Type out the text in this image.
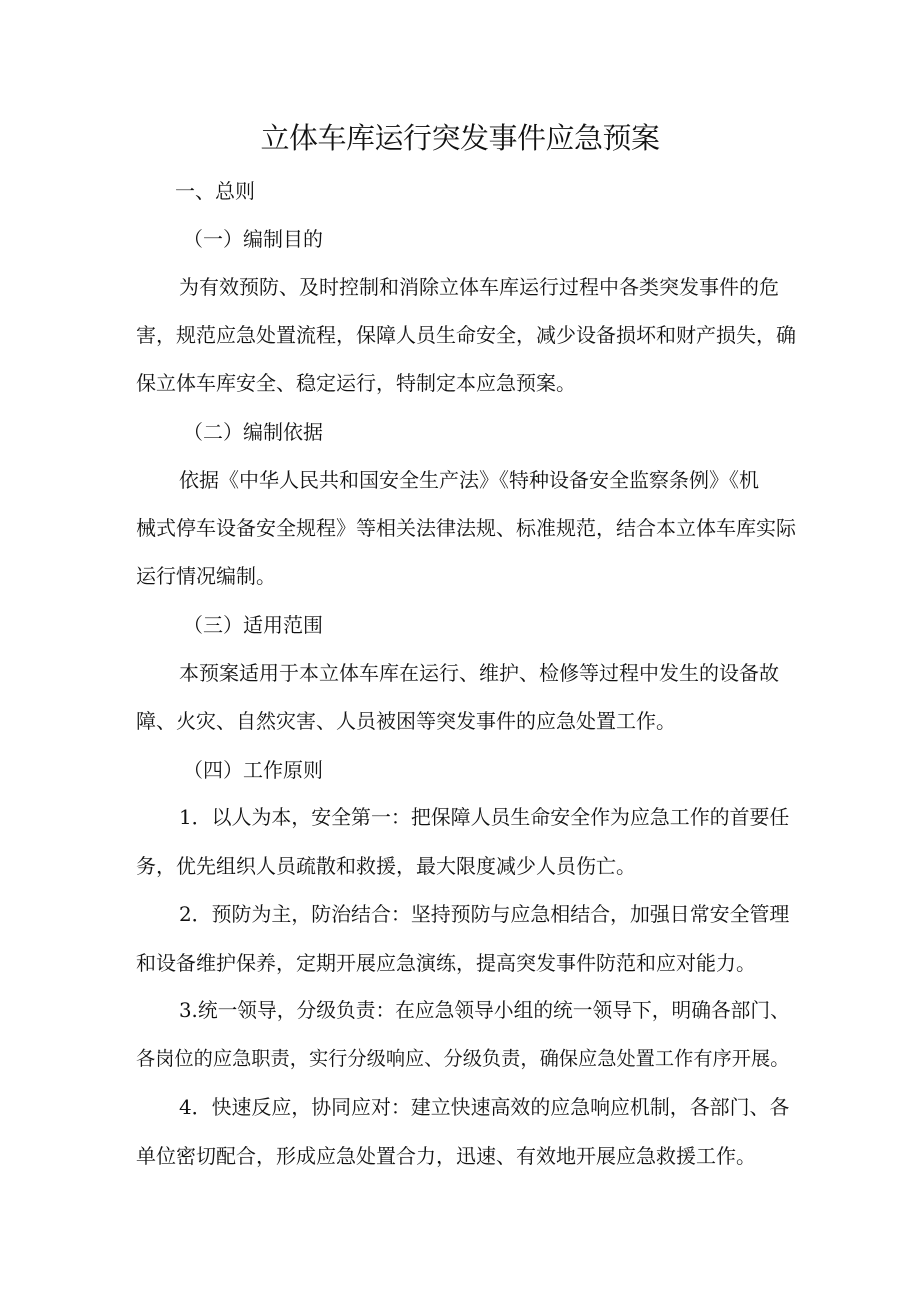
立体车库运行突发事件应急预案

一、总则

（一）编制目的

为有效预防、及时控制和消除立体车库运行过程中各类突发事件的危

害，规范应急处置流程，保障人员生命安全，减少设备损坏和财产损失，确

保立体车库安全、稳定运行，特制定本应急预案。

（二）编制依据

依据《中华人民共和国安全生产法》《特种设备安全监察条例》《机

械式停车设备安全规程》等相关法律法规、标准规范，结合本立体车库实际

运行情况编制。

（三）适用范围

本预案适用于本立体车库在运行、维护、检修等过程中发生的设备故

障、火灾、自然灾害、人员被困等突发事件的应急处置工作。

（四）工作原则

1．以人为本，安全第一：把保障人员生命安全作为应急工作的首要任

务，优先组织人员疏散和救援，最大限度减少人员伤亡。

2．预防为主，防治结合：坚持预防与应急相结合，加强日常安全管理

和设备维护保养，定期开展应急演练，提高突发事件防范和应对能力。

3.统一领导，分级负责：在应急领导小组的统一领导下，明确各部门、

各岗位的应急职责，实行分级响应、分级负责，确保应急处置工作有序开展。

4．快速反应，协同应对：建立快速高效的应急响应机制，各部门、各

单位密切配合，形成应急处置合力，迅速、有效地开展应急救援工作。
